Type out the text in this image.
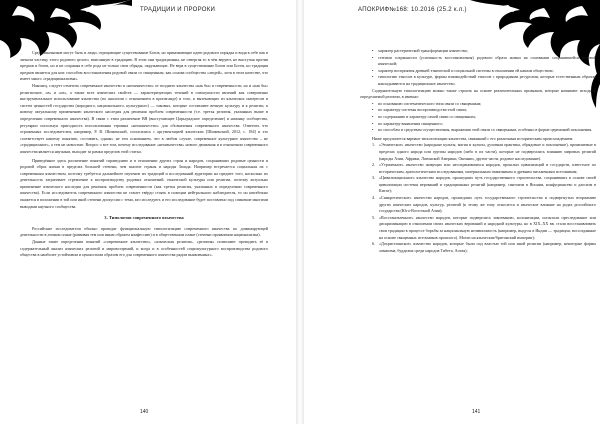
ТРАДИЦИИ И ПРОРОКИ

Среди язычников могут быть и люди, отрицающие существование Богов, но принимающие идею родового порядка и видя в себе как в личном частицу этого родового целого, вписанную в традицию. В этом они традиционны, не отвергая то в чём веруют, не выступая против предков и богов, но и не сохраняя в себе рода не только свои обряды, окружающие. Не вера в существование Богов или Богов, но традиция предков является для них способом восстановления родовой связи со священным, как основа сообщества «людей», хотя в этом качестве, что имеет много «традиционализма».

Наконец, следует отметить современное язычество и «неоязычество» от позднего язычества «как бы» в современности, но и «как бы» религиозное, «в» и «из», а также всех языческих свойств — характеризующих течений в совокупности явлений как совершенно инструментальное использование язычества (по аналогии с отношением в пропаганде) и того, к вытекающих из языческих интересов и систем ценностей государства (народного, национального, культурного) — таковых, которые составляют вечную культуру и к религии, к новому актуальному применению языческого наследия для решения проблем современности (т.е. третья религия, указанных выше в определении современного язычества). В связи с этим различение ВЯ (выступающее Царьградское определение) и начинку сообщества, регулярно используя пригодность использования термина «неоязычество» для обозначения современного язычества. Ответить что отраженных исследователем, например, Р. В. Шиженский, согласились с аргументацией языческих [Шиженский, 2012, с. 184] и это соответствует нашему понятию, составить, однако, не тем основанием, что в любом случае, современное культурное язычество – не «традиционное», а тем не новостью. Вопрос о все том, почему исследование «неоязычества» нового движения и в отношении современного язычества является научным, выходит за рамки пределов этой статьи.

Приведённое здесь различение понятий справедливо и в отношении других стран и народов, сохранявших родовые ценности и родовой образ жизни в пределах большей степени, чем многие страны и народы Запада. Например встречается социальная их с современным язычеством, поэтому требуется дальнейшее изучение их традиций и исследований аудитории на предмет того, насколько их деятельность затрагивает стремление к воспроизводству родовых отношений, этнической культуры или религии, поэтому актуально применение языческого наследия для решения проблем современности (как третья религия, указанных в определении современного язычества). Если исследователь современного язычества не станет твёрдо стоять в позиции нейтрального наблюдателя, то он неизбежно окажется в положении в той или иной степени дискуссии с теми, кто исследуют, и его исследование будет поставлено под сомнение многими выводами научного сообщества.

3. Типология современного язычества

Российские исследователи обычно проводят функциональную типологизацию современного язычества по доминирующей деятельности в личном плане (развивая тем или иным образом конфессию) и в общественном плане (степени проявления национализма).

Данные такие определения понятий «современное язычество», «языческая религия», «религия» позволяют проводить её в содержательный анализ языческих религий и мировоззрений, и когда и в особенностей социокультурного воспроизводства родового общества в наиболее устойчивом и ценностном образом его для современного язычества рядом выявленных».

140
АПОКРИФ№168: 10.2016 (25.2 к.л.)
• характер растерической трансформации язычества;
• степени сохранности (успешность восстановления) родового образа жизни на основании сохранившейся родовой языческой;
• характер восприятия древней этнической и социальной системы в отношении ей нашим обществом;
• типологию этносов в культуре, формы взаимодействий этносов с природными ресурсами, которые естественным образом накладываются на традиционное язычество.

Содержательную типологизацию можно также строить на основе различительных признаков, которые называют исходной определяемой религии, в именно:

• по основанию систематического типа связи со священным;
• по характеру системы воспроизводства этой связи;
• по содержанию и характеру самой связи со священным;
• по характеру выявления священного;
• по способам и средствам осуществления, выражения этой связи со священным, особенно в форме церемоний поклонения.

Ниже предлагается вариант типологизации язычества, связанный с его различным историческим происхождением.

1. «Этническое» язычество (народные культы, магия и культы, духовная практика, обрядовые и поклонение), проявляемые в пределах одного народа или группы народов (либо в их части), которые не подвергались влиянию мировых религий (народы Азии, Африки, Латинской Америки, Океании, другие части, родовое наследование).
2. «Утраченное» язычество живущих или несохранившихся народов, прошлых цивилизаций и государств, известное по историческим, археологическим исследованиям, материальным памятникам и древним письменным источникам;
3. «Цивилизационное» язычество народов, прошедших путь государственного строительства, сохранивших в основе своей цивилизации системы верований и традиционных религий (например, синтоизм в Японии, конфуцианство и даосизм в Китае);
4. «Синкретическое» язычество народов, прошедших путь государственного строительства и подвергнутых вторжению других языческих народов, культур, религий (к этому же типу относится и языческое влияние на родах российского государства (Юго-Восточной Азии);
5. «Восстановленное» язычество народов, которые подверглись завоеванию, колонизации, испытали преследование или дискриминацию в отношении своих языческих верований и народной культуры, но в XIX–XX вв. стали восстанавливать свои традиции в процессе борьбы за национальную независимость (например, индусы в Индии — традиции, воссозданные на основе священных источников прошлого). Могли на языческие/британский империи);
6. «Дохристианское» язычество народов, которые были под властью той или иной религии (например, некоторые формы ламаизма, буддизма среди народов Тибета, Алтая);
141
